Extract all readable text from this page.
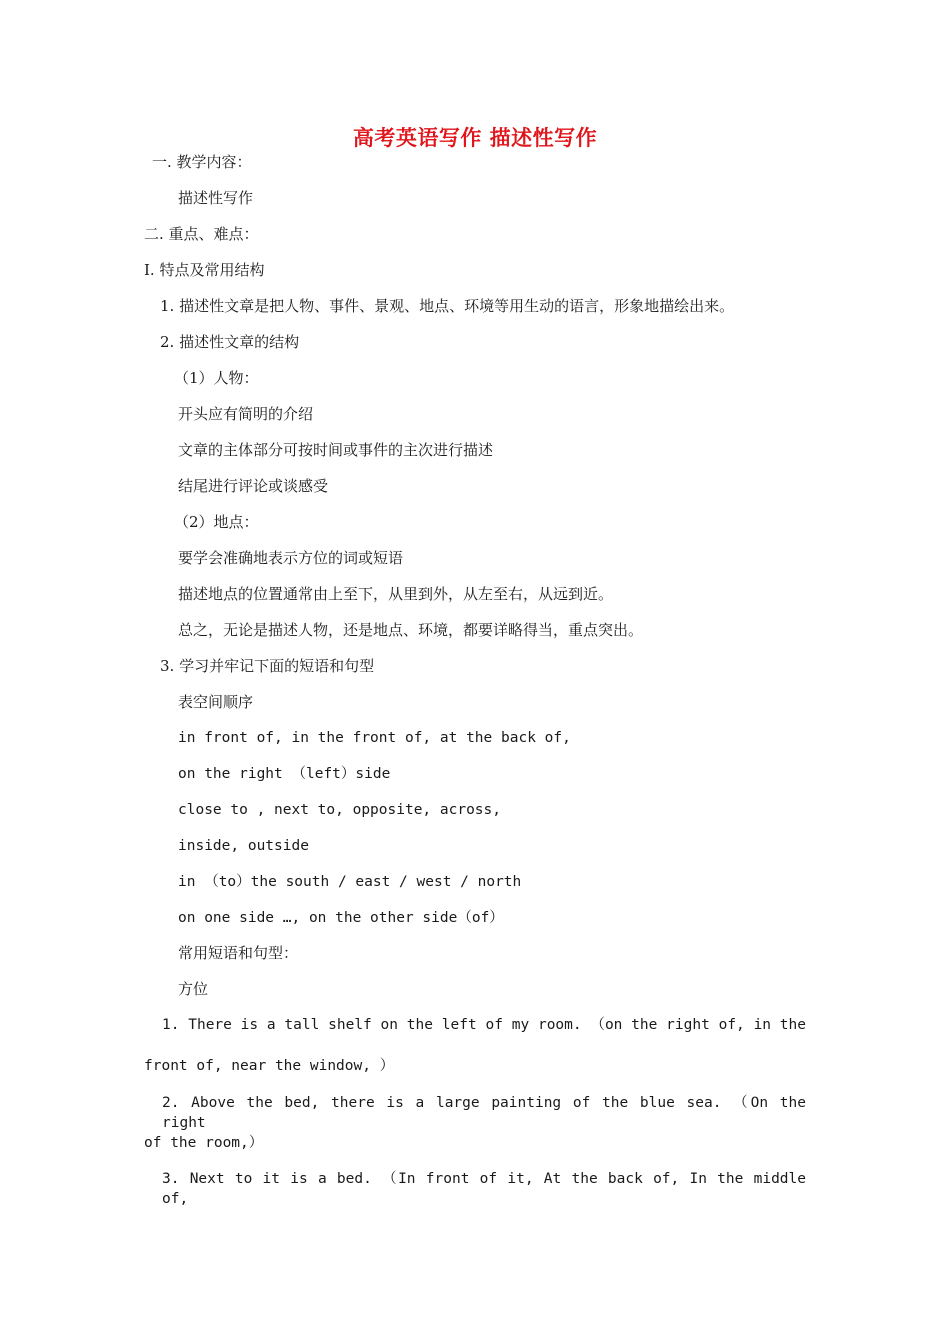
高考英语写作 描述性写作
一. 教学内容：
描述性写作
二. 重点、难点：
I. 特点及常用结构
1. 描述性文章是把人物、事件、景观、地点、环境等用生动的语言，形象地描绘出来。
2. 描述性文章的结构
（1）人物：
开头应有简明的介绍
文章的主体部分可按时间或事件的主次进行描述
结尾进行评论或谈感受
（2）地点：
要学会准确地表示方位的词或短语
描述地点的位置通常由上至下，从里到外，从左至右，从远到近。
总之，无论是描述人物，还是地点、环境，都要详略得当，重点突出。
3. 学习并牢记下面的短语和句型
表空间顺序
in front of, in the front of, at the back of,
on the right （left）side
close to , next to, opposite, across,
inside, outside
in （to）the south / east / west / north
on one side …, on the other side（of）
常用短语和句型：
方位
1. There is a tall shelf on the left of my room. （on the right of, in the
front of, near the window, ）
2. Above the bed, there is a large painting of the blue sea. （On the right
of the room,）
3. Next to it is a bed. （In front of it, At the back of, In the middle of,
